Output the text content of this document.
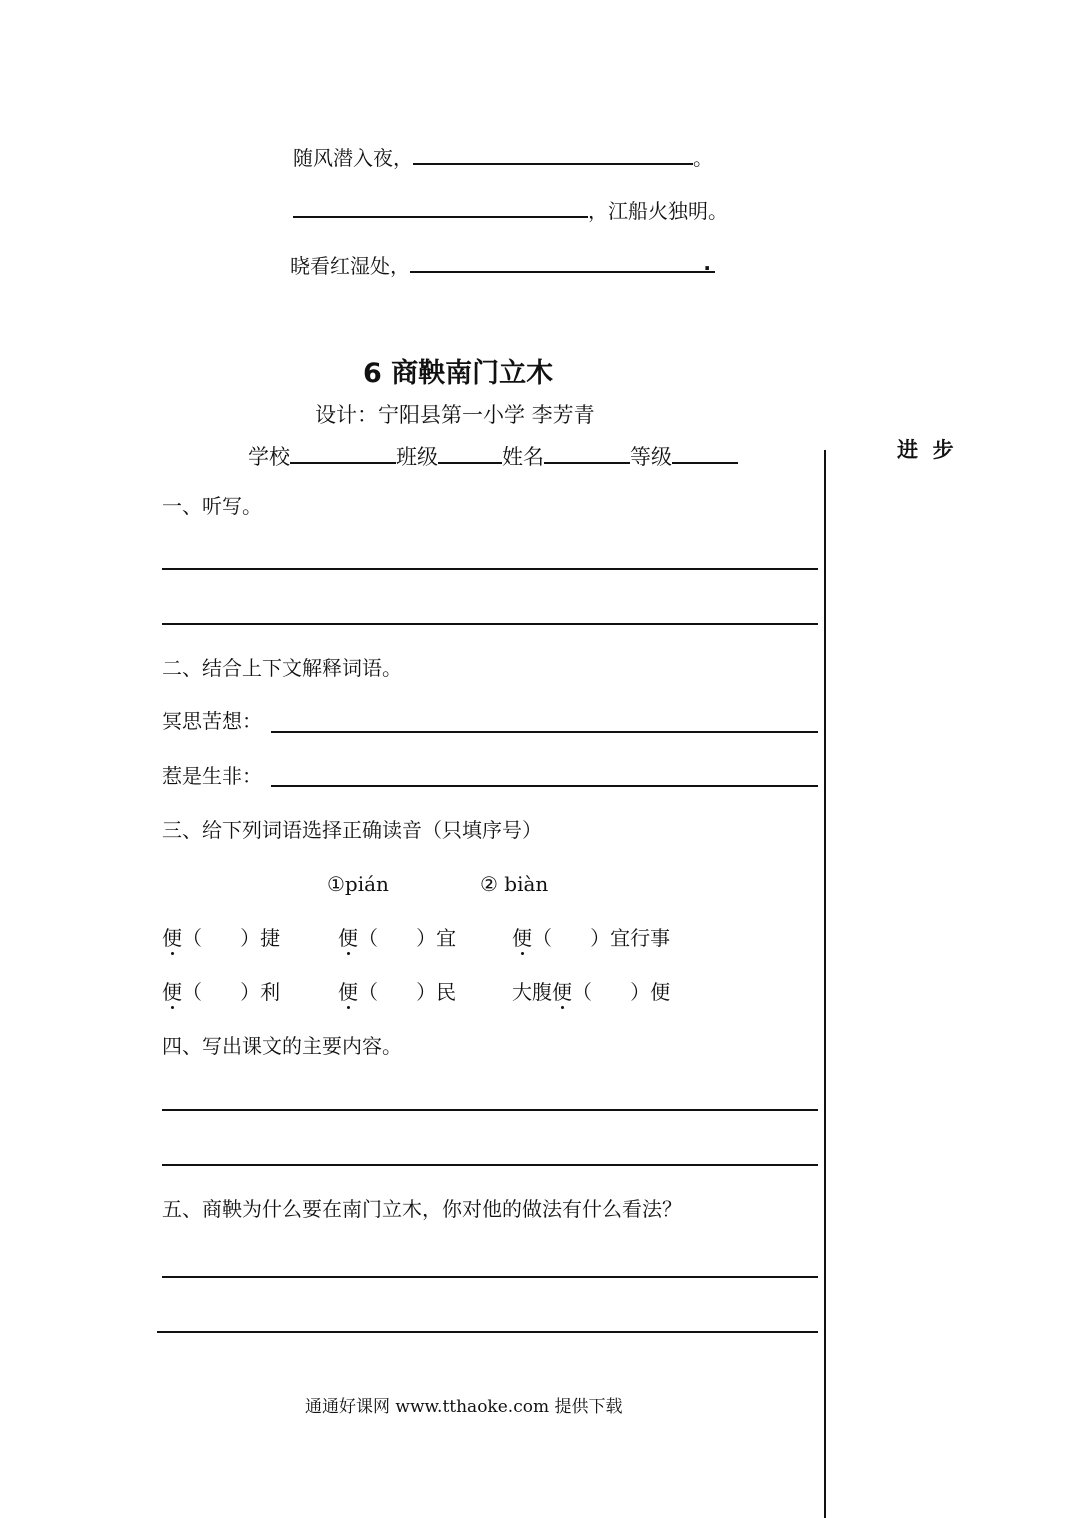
随风潜入夜，	。
，江船火独明。
晓看红湿处，	.
6 商鞅南门立木
设计：宁阳县第一小学 李芳青
学校	班级	姓名	等级	进  步
一、听写。
二、结合上下文解释词语。
冥思苦想：
惹是生非：
三、给下列词语选择正确读音（只填序号）
①pián	② biàn
便（      ）捷	便（      ）宜	便（      ）宜行事
便（      ）利	便（      ）民	大腹便（      ）便
四、写出课文的主要内容。
五、商鞅为什么要在南门立木，你对他的做法有什么看法？
通通好课网 www.tthaoke.com 提供下载
